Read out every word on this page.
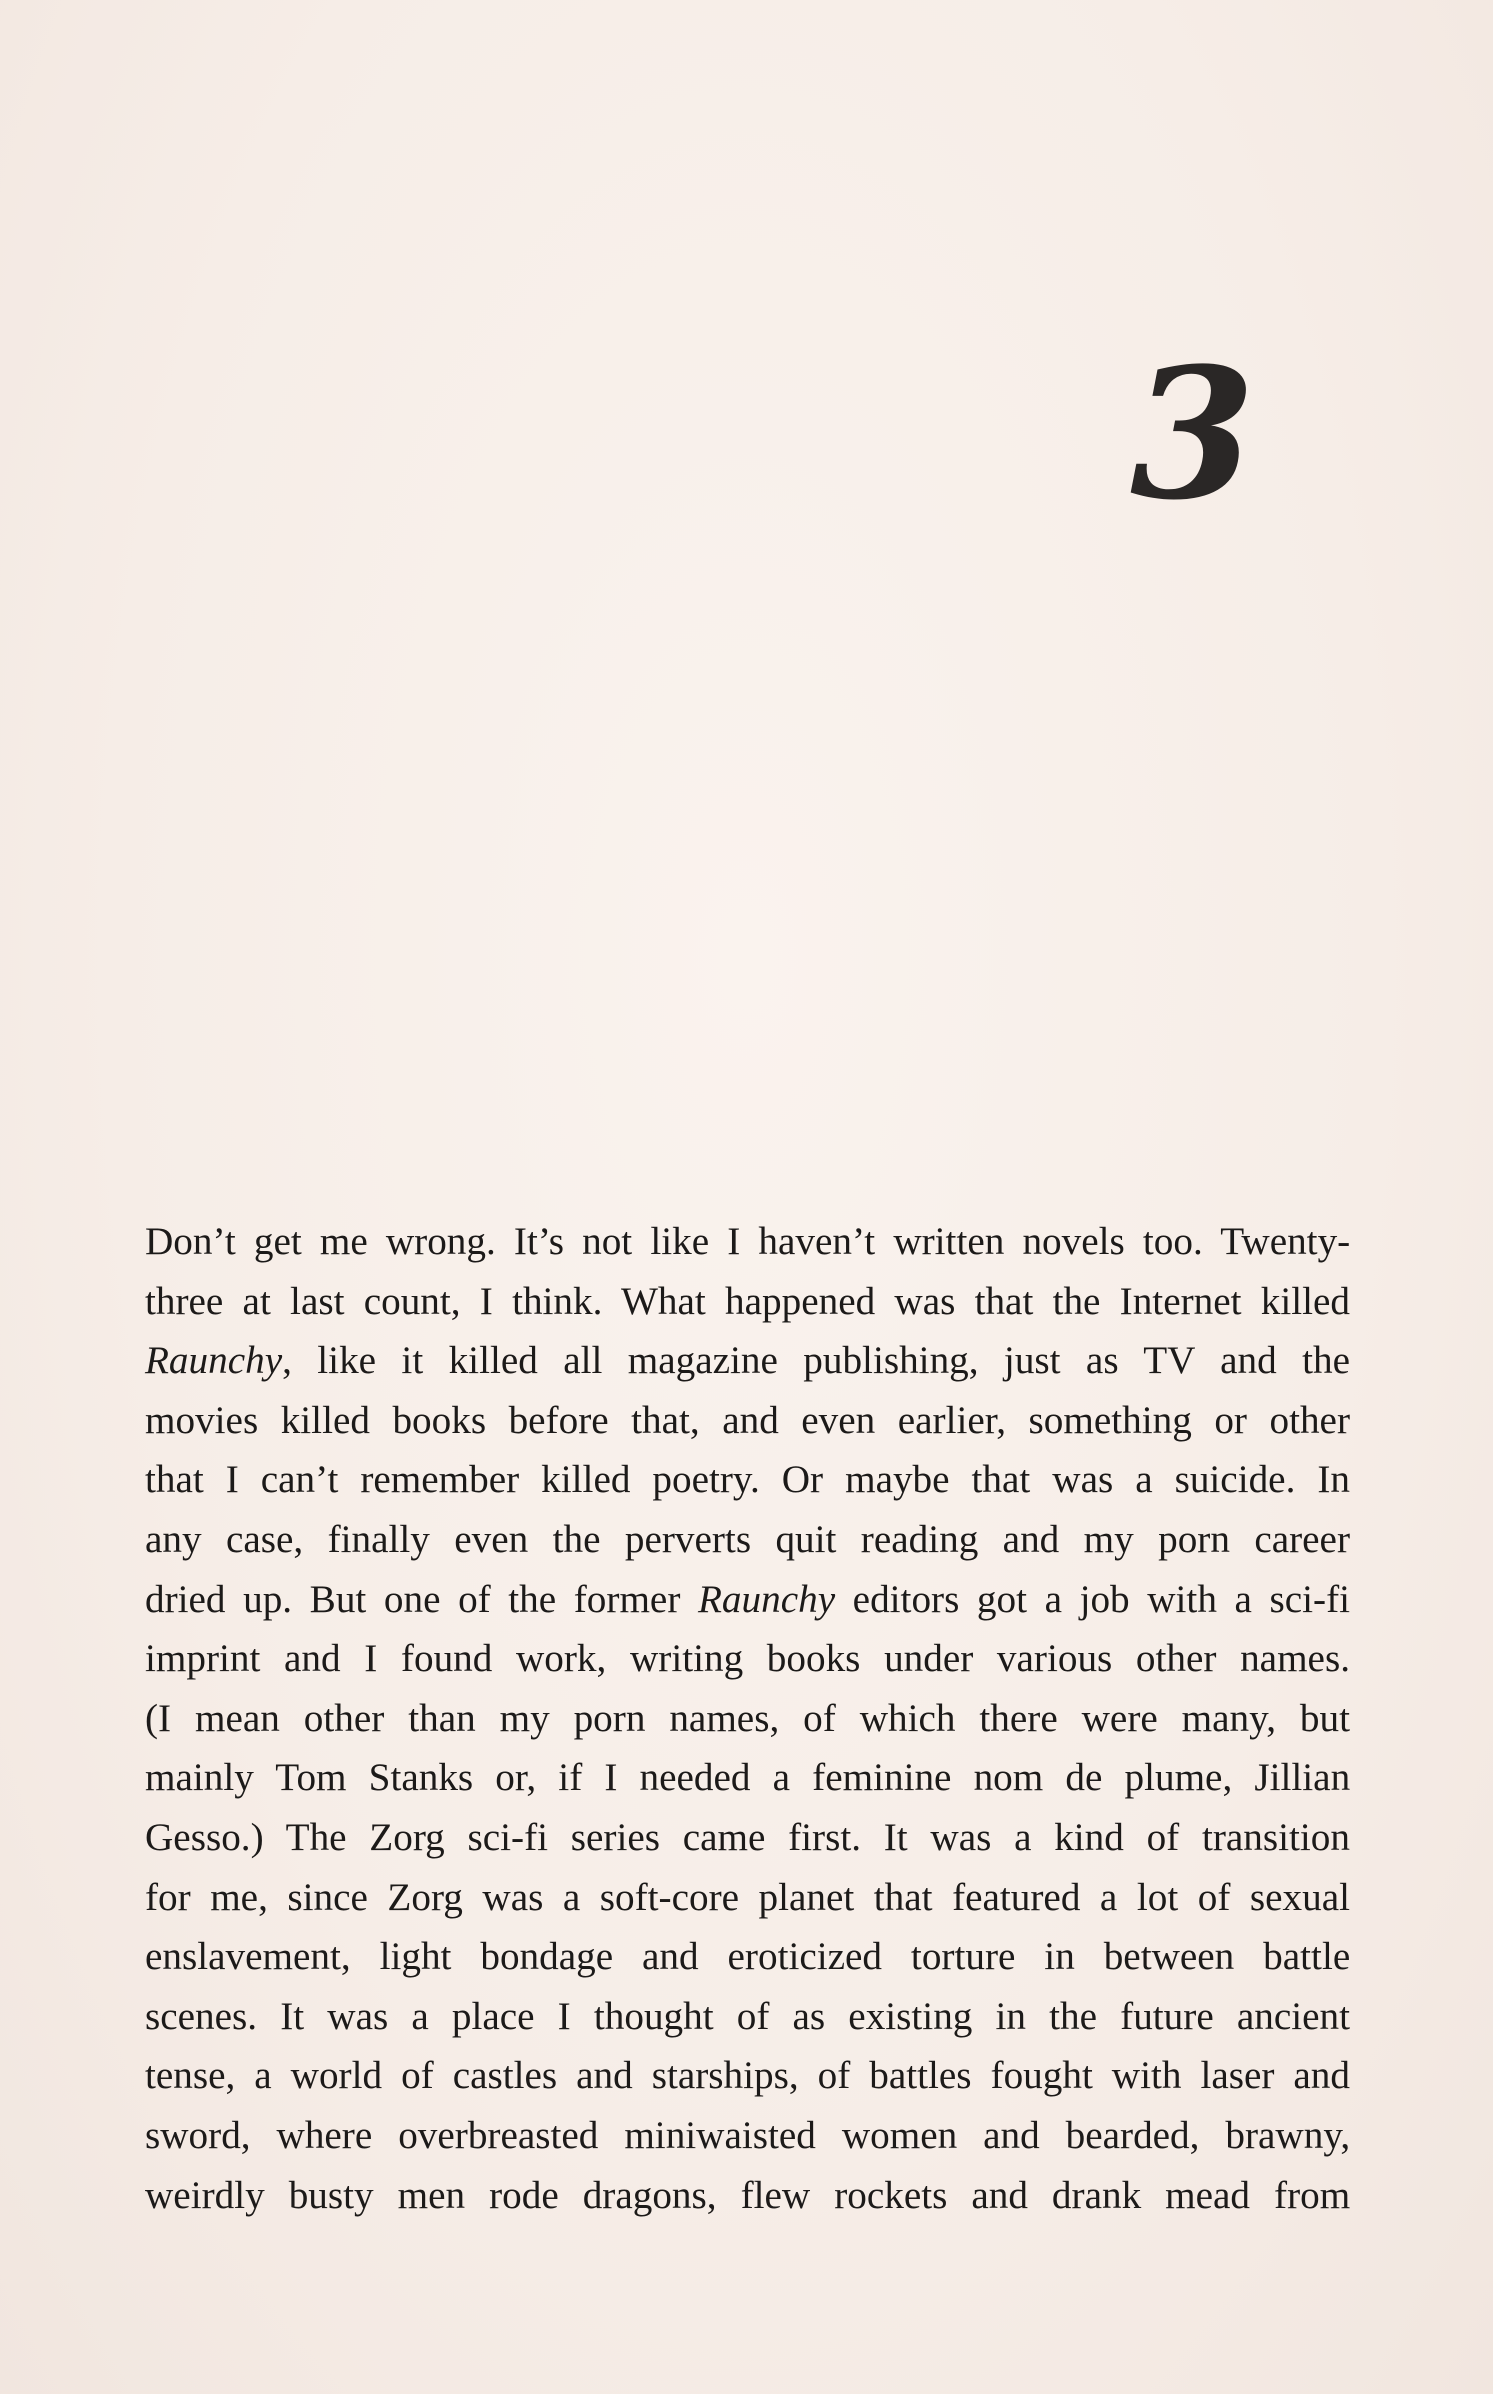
3
Don’t get me wrong. It’s not like I haven’t written novels too. Twenty-
three at last count, I think. What happened was that the Internet killed
Raunchy, like it killed all magazine publishing, just as TV and the
movies killed books before that, and even earlier, something or other
that I can’t remember killed poetry. Or maybe that was a suicide. In
any case, finally even the perverts quit reading and my porn career
dried up. But one of the former Raunchy editors got a job with a sci-fi
imprint and I found work, writing books under various other names.
(I mean other than my porn names, of which there were many, but
mainly Tom Stanks or, if I needed a feminine nom de plume, Jillian
Gesso.) The Zorg sci-fi series came first. It was a kind of transition
for me, since Zorg was a soft-core planet that featured a lot of sexual
enslavement, light bondage and eroticized torture in between battle
scenes. It was a place I thought of as existing in the future ancient
tense, a world of castles and starships, of battles fought with laser and
sword, where overbreasted miniwaisted women and bearded, brawny,
weirdly busty men rode dragons, flew rockets and drank mead from
